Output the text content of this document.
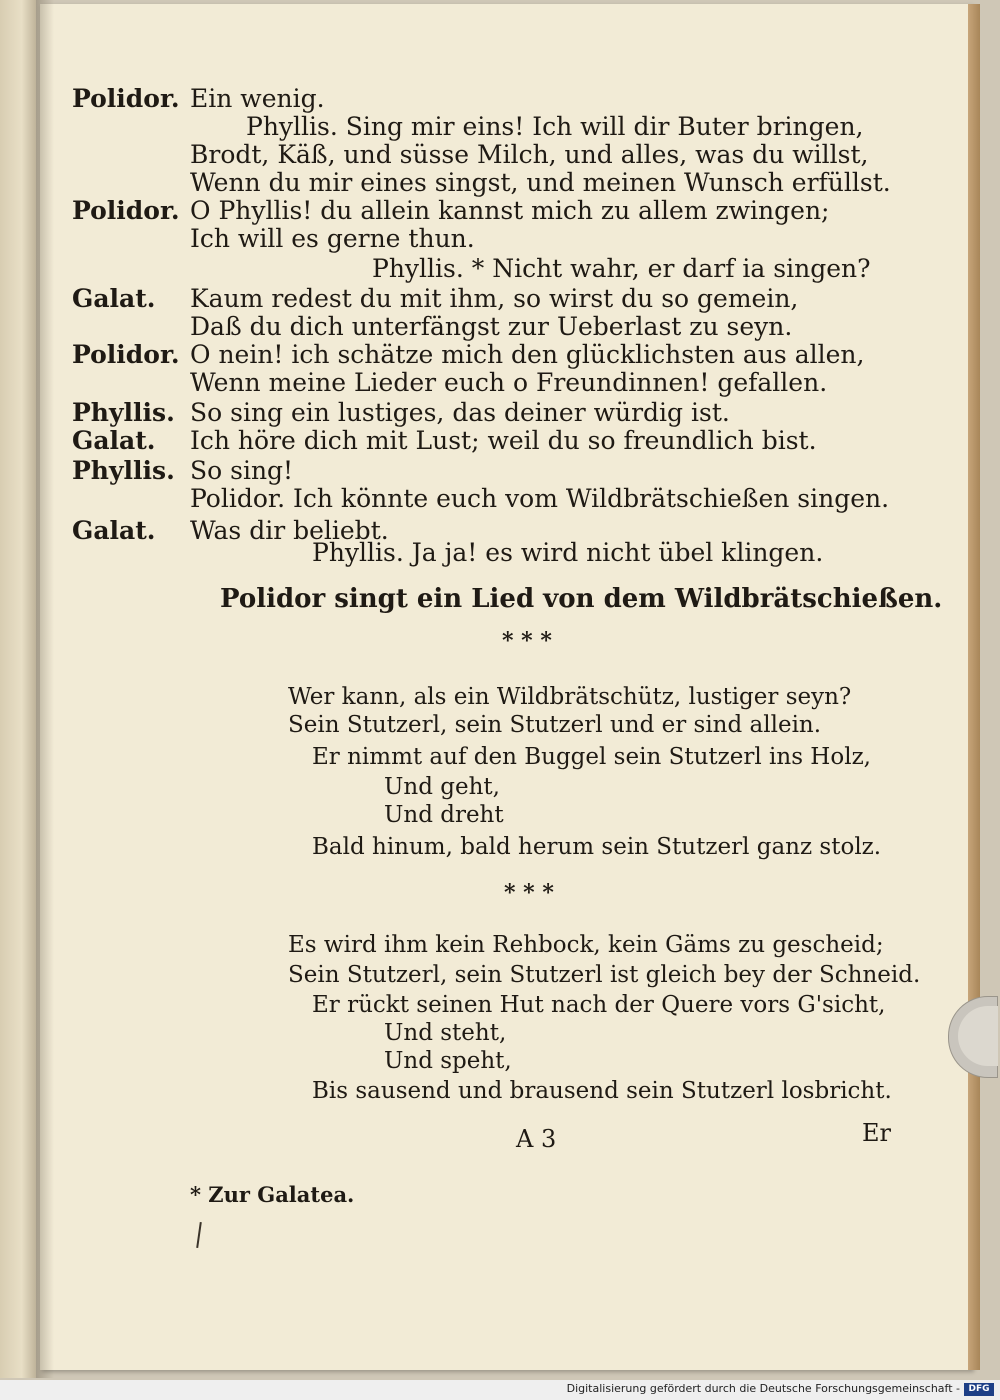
Polidor.
Polidor.
Galat.
Polidor.
Phyllis.
Galat.
Phyllis.
Galat.
Ein wenig.
Phyllis. Sing mir eins! Ich will dir Buter bringen,
Brodt, Käß, und süsse Milch, und alles, was du willst,
Wenn du mir eines singst, und meinen Wunsch erfüllst.
O Phyllis! du allein kannst mich zu allem zwingen;
Ich will es gerne thun.
Phyllis. * Nicht wahr, er darf ia singen?
Kaum redest du mit ihm, so wirst du so gemein,
Daß du dich unterfängst zur Ueberlast zu seyn.
O nein! ich schätze mich den glücklichsten aus allen,
Wenn meine Lieder euch o Freundinnen! gefallen.
So sing ein lustiges, das deiner würdig ist.
Ich höre dich mit Lust; weil du so freundlich bist.
So sing!
Polidor. Ich könnte euch vom Wildbrätschießen singen.
Was dir beliebt.
Phyllis. Ja ja! es wird nicht übel klingen.
Polidor singt ein Lied von dem Wildbrätschießen.
* * *
Wer kann, als ein Wildbrätschütz, lustiger seyn?
Sein Stutzerl, sein Stutzerl und er sind allein.
Er nimmt auf den Buggel sein Stutzerl ins Holz,
Und geht,
Und dreht
Bald hinum, bald herum sein Stutzerl ganz stolz.
* * *
Es wird ihm kein Rehbock, kein Gäms zu gescheid;
Sein Stutzerl, sein Stutzerl ist gleich bey der Schneid.
Er rückt seinen Hut nach der Quere vors G'sicht,
Und steht,
Und speht,
Bis sausend und brausend sein Stutzerl losbricht.
A 3	Er
* Zur Galatea.
Digitalisierung gefördert durch die Deutsche Forschungsgemeinschaft - DFG
